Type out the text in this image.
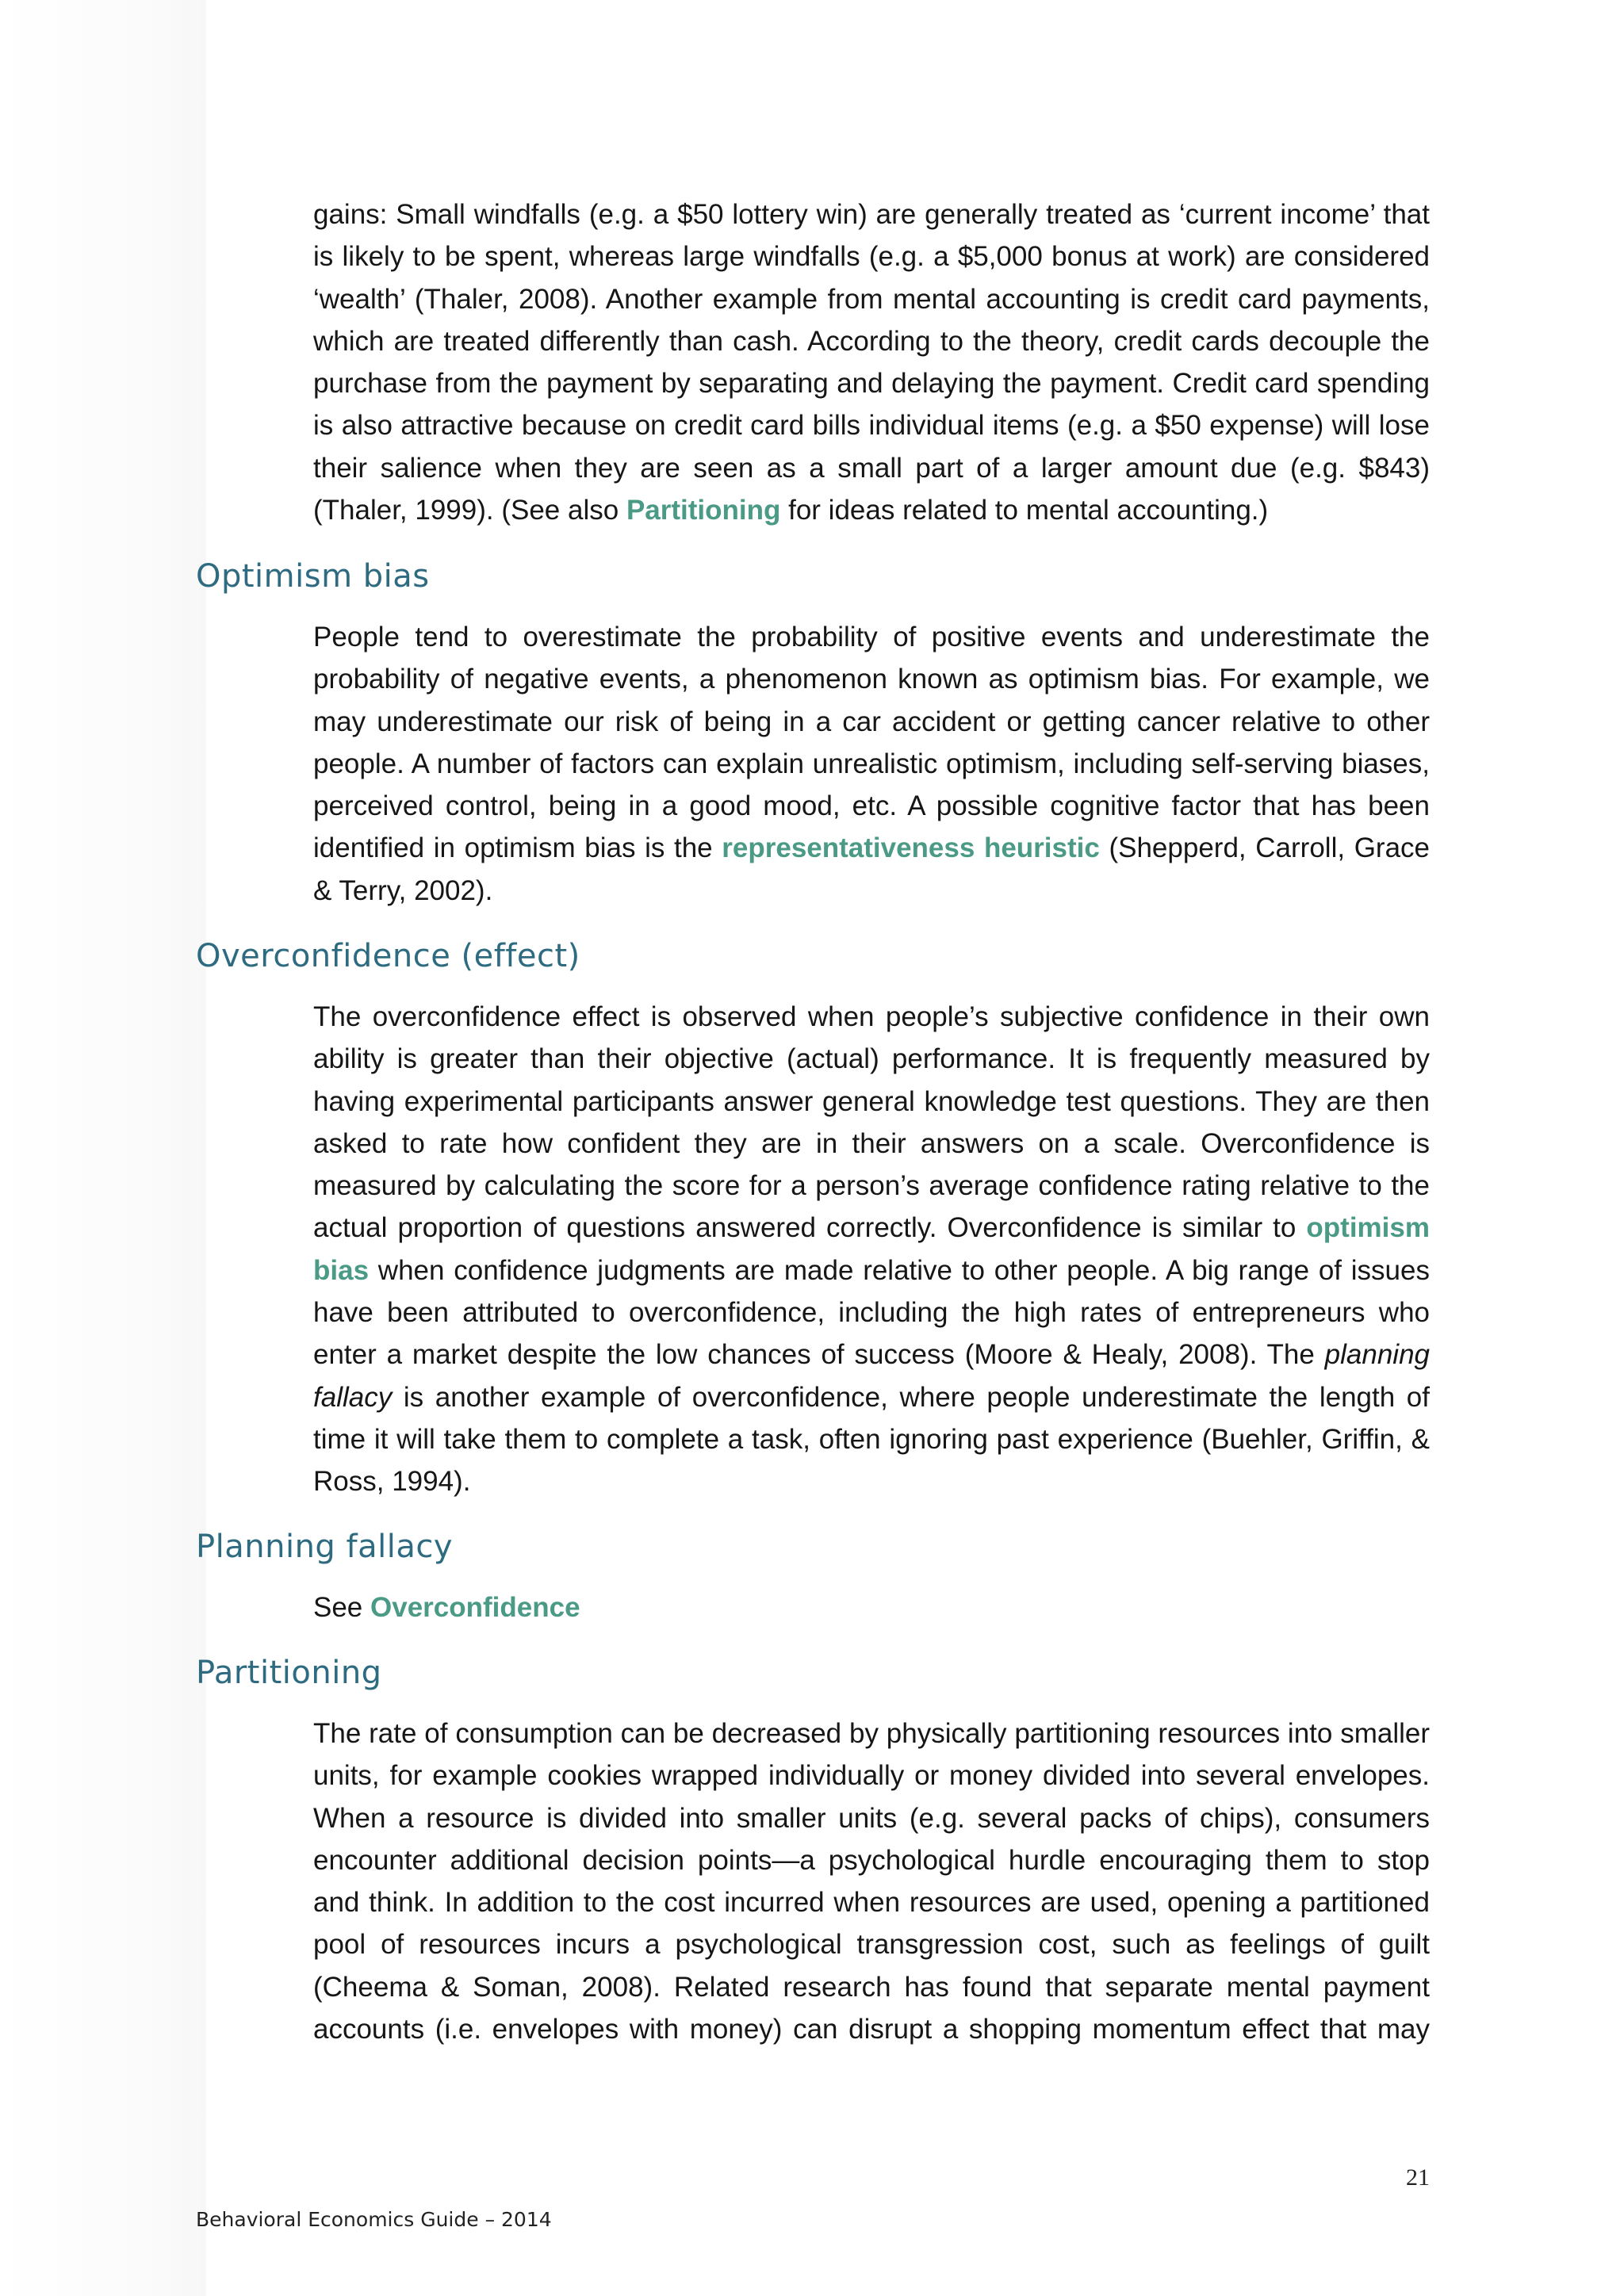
gains: Small windfalls (e.g. a $50 lottery win) are generally treated as ‘current income’ that is likely to be spent, whereas large windfalls (e.g. a $5,000 bonus at work) are considered ‘wealth’ (Thaler, 2008). Another example from mental accounting is credit card payments, which are treated differently than cash. According to the theory, credit cards decouple the purchase from the payment by separating and delaying the payment. Credit card spending is also attractive because on credit card bills individual items (e.g. a $50 expense) will lose their salience when they are seen as a small part of a larger amount due (e.g. $843) (Thaler, 1999). (See also Partitioning for ideas related to mental accounting.)

Optimism bias

People tend to overestimate the probability of positive events and underestimate the probability of negative events, a phenomenon known as optimism bias. For example, we may underestimate our risk of being in a car accident or getting cancer relative to other people. A number of factors can explain unrealistic optimism, including self-serving biases, perceived control, being in a good mood, etc. A possible cognitive factor that has been identified in optimism bias is the representativeness heuristic (Shepperd, Carroll, Grace & Terry, 2002).

Overconfidence (effect)

The overconfidence effect is observed when people’s subjective confidence in their own ability is greater than their objective (actual) performance. It is frequently measured by having experimental participants answer general knowledge test questions. They are then asked to rate how confident they are in their answers on a scale. Overconfidence is measured by calculating the score for a person’s average confidence rating relative to the actual proportion of questions answered correctly. Overconfidence is similar to optimism bias when confidence judgments are made relative to other people. A big range of issues have been attributed to overconfidence, including the high rates of entrepreneurs who enter a market despite the low chances of success (Moore & Healy, 2008). The planning fallacy is another example of overconfidence, where people underestimate the length of time it will take them to complete a task, often ignoring past experience (Buehler, Griffin, & Ross, 1994).

Planning fallacy

See Overconfidence

Partitioning

The rate of consumption can be decreased by physically partitioning resources into smaller units, for example cookies wrapped individually or money divided into several envelopes. When a resource is divided into smaller units (e.g. several packs of chips), consumers encounter additional decision points—a psychological hurdle encouraging them to stop and think. In addition to the cost incurred when resources are used, opening a partitioned pool of resources incurs a psychological transgression cost, such as feelings of guilt (Cheema & Soman, 2008). Related research has found that separate mental payment accounts (i.e. envelopes with money) can disrupt a shopping momentum effect that may

21
Behavioral Economics Guide – 2014
